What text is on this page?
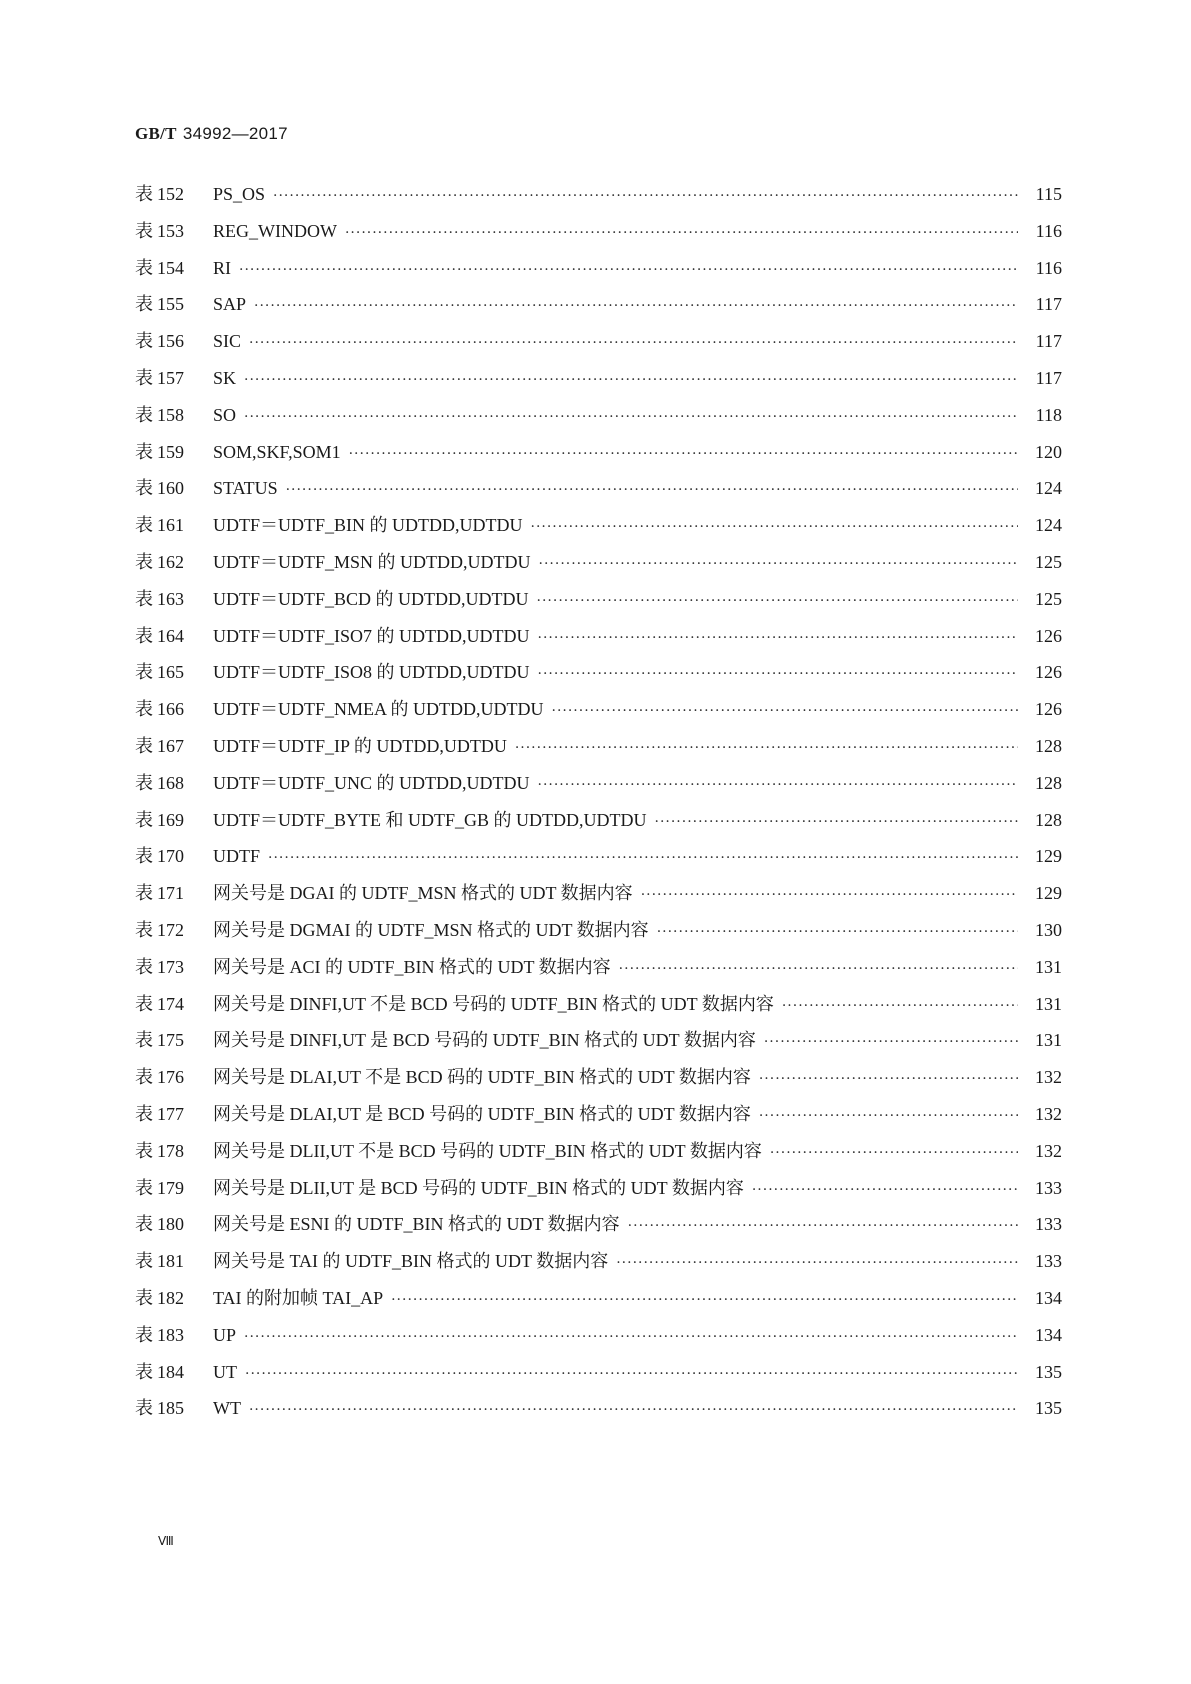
GB/T 34992—2017
表 152	PS_OS ·····	115
表 153	REG_WINDOW ·····	116
表 154	RI ·····	116
表 155	SAP ·····	117
表 156	SIC ·····	117
表 157	SK ·····	117
表 158	SO ·····	118
表 159	SOM,SKF,SOM1 ·····	120
表 160	STATUS ·····	124
表 161	UDTF＝UDTF_BIN 的 UDTDD,UDTDU ·····	124
表 162	UDTF＝UDTF_MSN 的 UDTDD,UDTDU ·····	125
表 163	UDTF＝UDTF_BCD 的 UDTDD,UDTDU ·····	125
表 164	UDTF＝UDTF_ISO7 的 UDTDD,UDTDU ·····	126
表 165	UDTF＝UDTF_ISO8 的 UDTDD,UDTDU ·····	126
表 166	UDTF＝UDTF_NMEA 的 UDTDD,UDTDU ·····	126
表 167	UDTF＝UDTF_IP 的 UDTDD,UDTDU ·····	128
表 168	UDTF＝UDTF_UNC 的 UDTDD,UDTDU ·····	128
表 169	UDTF＝UDTF_BYTE 和 UDTF_GB 的 UDTDD,UDTDU ·····	128
表 170	UDTF ·····	129
表 171	网关号是 DGAI 的 UDTF_MSN 格式的 UDT 数据内容 ·····	129
表 172	网关号是 DGMAI 的 UDTF_MSN 格式的 UDT 数据内容 ·····	130
表 173	网关号是 ACI 的 UDTF_BIN 格式的 UDT 数据内容 ·····	131
表 174	网关号是 DINFI,UT 不是 BCD 号码的 UDTF_BIN 格式的 UDT 数据内容 ·····	131
表 175	网关号是 DINFI,UT 是 BCD 号码的 UDTF_BIN 格式的 UDT 数据内容 ·····	131
表 176	网关号是 DLAI,UT 不是 BCD 码的 UDTF_BIN 格式的 UDT 数据内容 ·····	132
表 177	网关号是 DLAI,UT 是 BCD 号码的 UDTF_BIN 格式的 UDT 数据内容 ·····	132
表 178	网关号是 DLII,UT 不是 BCD 号码的 UDTF_BIN 格式的 UDT 数据内容 ·····	132
表 179	网关号是 DLII,UT 是 BCD 号码的 UDTF_BIN 格式的 UDT 数据内容 ·····	133
表 180	网关号是 ESNI 的 UDTF_BIN 格式的 UDT 数据内容 ·····	133
表 181	网关号是 TAI 的 UDTF_BIN 格式的 UDT 数据内容 ·····	133
表 182	TAI 的附加帧 TAI_AP ·····	134
表 183	UP ·····	134
表 184	UT ·····	135
表 185	WT ·····	135
Ⅷ
